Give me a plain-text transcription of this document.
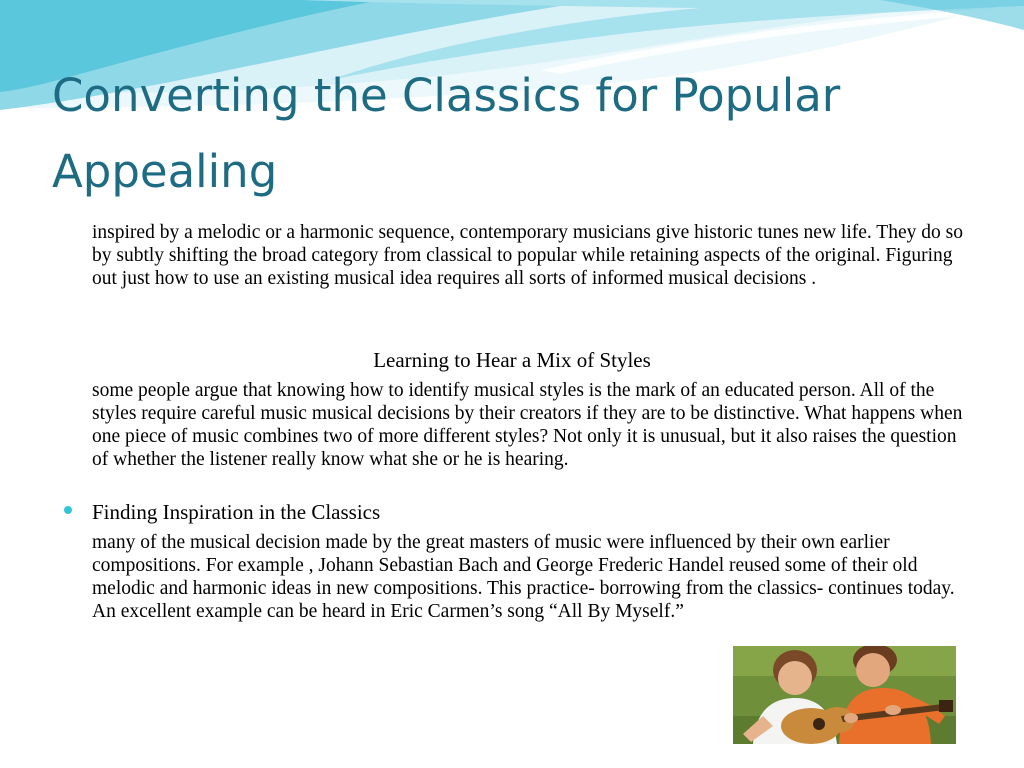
Converting the Classics for Popular Appealing

inspired by a melodic or a harmonic sequence, contemporary musicians give historic tunes new life. They do so by subtly shifting the broad category from classical to popular while retaining aspects of the original. Figuring out just how to use an existing musical idea requires all sorts of informed musical decisions .

Learning to Hear a Mix of Styles

some people argue that knowing how to identify musical styles is the mark of an educated person. All of the styles require careful music musical decisions by their creators if they are to be distinctive. What happens when one piece of music combines two of more different styles? Not only it is unusual, but it also raises the question of whether the listener really know what she or he is hearing.

Finding Inspiration in the Classics

many of the musical decision made by the great masters of music were influenced by their own earlier compositions. For example , Johann Sebastian Bach and George Frederic Handel reused some of their old melodic and harmonic ideas in new compositions. This practice- borrowing from the classics- continues today. An excellent example can be heard in Eric Carmen’s song “All By Myself.”
